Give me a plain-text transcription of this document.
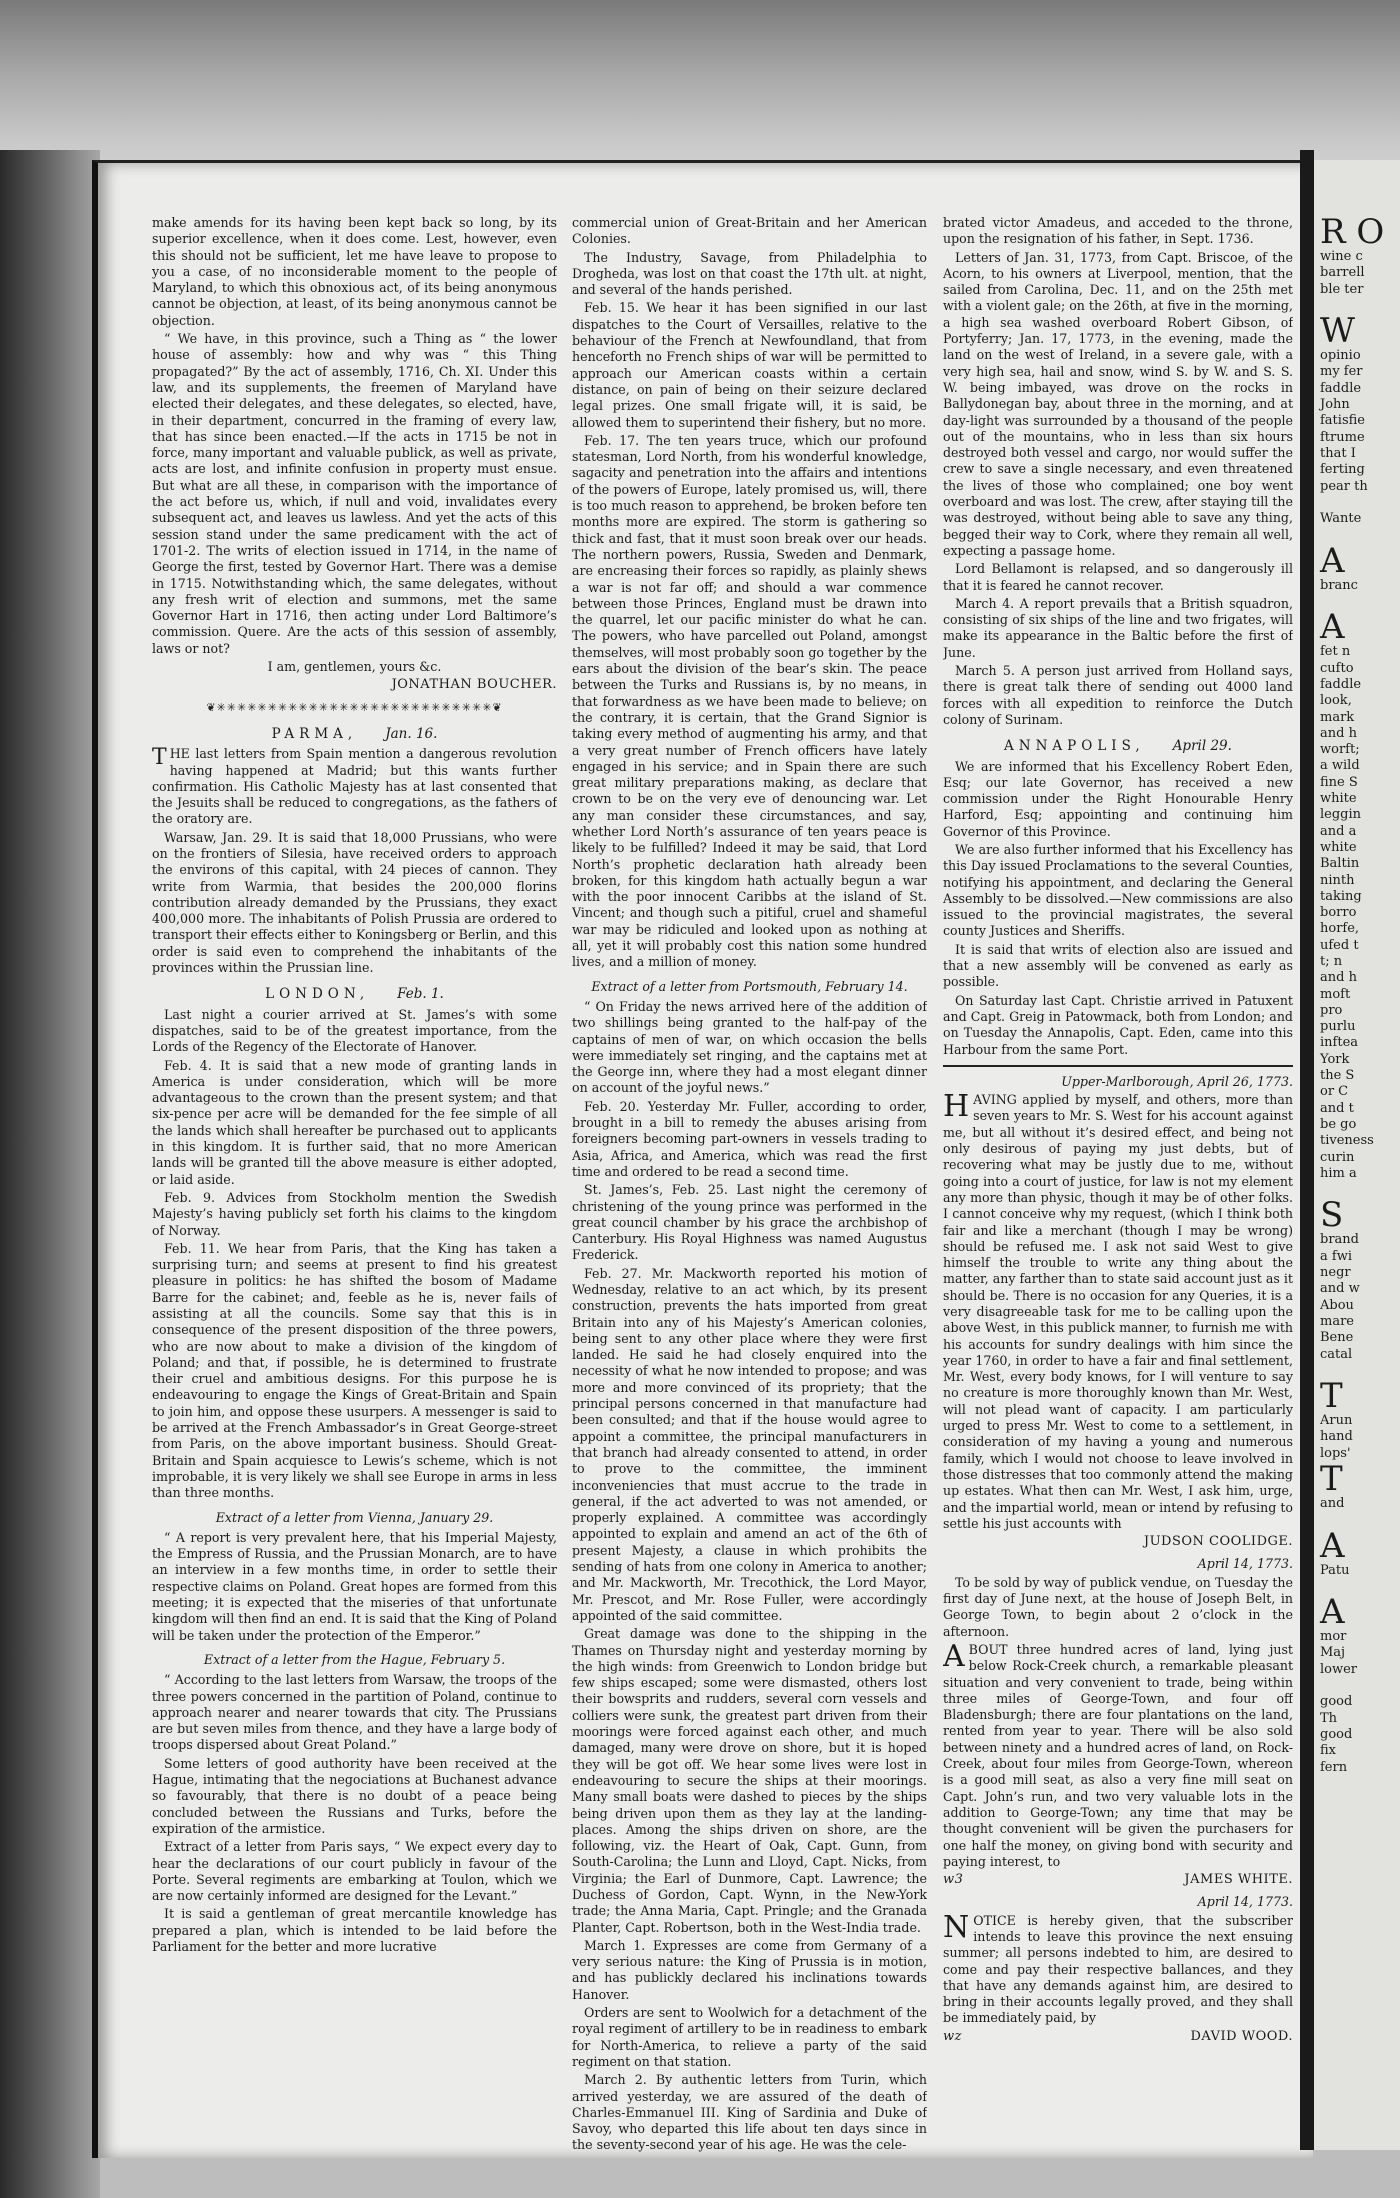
R O
wine c
barrell
ble ter

W
opinio
my fer
faddle
John
fatisfie
ftrume
that I
ferting
pear th

Wante

A
branc

A
fet n
cufto
faddle
look,
mark
and h
worft;
a wild
fine S
white
leggin
and a
white
Baltin
ninth
taking
borro
horfe,
ufed t
t; n
and h
moft
pro
purlu
inftea
York
the S
or C
and t
be go
tiveness
curin
him a

S
brand
a fwi
negr
and w
Abou
mare
Bene
catal

T
Arun
hand
lops'
T
and

A
Patu

A
mor
Maj
lower

good
Th
good
fix
fern

make amends for its having been kept back so long, by its superior excellence, when it does come. Lest, however, even this should not be sufficient, let me have leave to propose to you a case, of no inconsiderable moment to the people of Maryland, to which this obnoxious act, of its being anonymous cannot be objection, at least, of its being anonymous cannot be objection.

“ We have, in this province, such a Thing as “ the lower house of assembly: how and why was “ this Thing propagated?” By the act of assembly, 1716, Ch. XI. Under this law, and its supplements, the freemen of Maryland have elected their delegates, and these delegates, so elected, have, in their department, concurred in the framing of every law, that has since been enacted.—If the acts in 1715 be not in force, many important and valuable publick, as well as private, acts are lost, and infinite confusion in property must ensue. But what are all these, in comparison with the importance of the act before us, which, if null and void, invalidates every subsequent act, and leaves us lawless. And yet the acts of this session stand under the same predicament with the act of 1701-2. The writs of election issued in 1714, in the name of George the first, tested by Governor Hart. There was a demise in 1715. Notwithstanding which, the same delegates, without any fresh writ of election and summons, met the same Governor Hart in 1716, then acting under Lord Baltimore’s commission. Quere. Are the acts of this session of assembly, laws or not?

I am, gentlemen, yours &c.

JONATHAN BOUCHER.
❦✳✳✳✳✳✳✳✳✳✳✳✳✳✳✳✳✳✳✳✳✳✳✳✳✳✳✳❦
PARMA, Jan. 16.

THE last letters from Spain mention a dangerous revolution having happened at Madrid; but this wants further confirmation. His Catholic Majesty has at last consented that the Jesuits shall be reduced to congregations, as the fathers of the oratory are.

Warsaw, Jan. 29. It is said that 18,000 Prussians, who were on the frontiers of Silesia, have received orders to approach the environs of this capital, with 24 pieces of cannon. They write from Warmia, that besides the 200,000 florins contribution already demanded by the Prussians, they exact 400,000 more. The inhabitants of Polish Prussia are ordered to transport their effects either to Koningsberg or Berlin, and this order is said even to comprehend the inhabitants of the provinces within the Prussian line.

LONDON, Feb. 1.

Last night a courier arrived at St. James’s with some dispatches, said to be of the greatest importance, from the Lords of the Regency of the Electorate of Hanover.

Feb. 4. It is said that a new mode of granting lands in America is under consideration, which will be more advantageous to the crown than the present system; and that six-pence per acre will be demanded for the fee simple of all the lands which shall hereafter be purchased out to applicants in this kingdom. It is further said, that no more American lands will be granted till the above measure is either adopted, or laid aside.

Feb. 9. Advices from Stockholm mention the Swedish Majesty’s having publicly set forth his claims to the kingdom of Norway.

Feb. 11. We hear from Paris, that the King has taken a surprising turn; and seems at present to find his greatest pleasure in politics: he has shifted the bosom of Madame Barre for the cabinet; and, feeble as he is, never fails of assisting at all the councils. Some say that this is in consequence of the present disposition of the three powers, who are now about to make a division of the kingdom of Poland; and that, if possible, he is determined to frustrate their cruel and ambitious designs. For this purpose he is endeavouring to engage the Kings of Great-Britain and Spain to join him, and oppose these usurpers. A messenger is said to be arrived at the French Ambassador’s in Great George-street from Paris, on the above important business. Should Great-Britain and Spain acquiesce to Lewis’s scheme, which is not improbable, it is very likely we shall see Europe in arms in less than three months.

Extract of a letter from Vienna, January 29.

“ A report is very prevalent here, that his Imperial Majesty, the Empress of Russia, and the Prussian Monarch, are to have an interview in a few months time, in order to settle their respective claims on Poland. Great hopes are formed from this meeting; it is expected that the miseries of that unfortunate kingdom will then find an end. It is said that the King of Poland will be taken under the protection of the Emperor.”

Extract of a letter from the Hague, February 5.

“ According to the last letters from Warsaw, the troops of the three powers concerned in the partition of Poland, continue to approach nearer and nearer towards that city. The Prussians are but seven miles from thence, and they have a large body of troops dispersed about Great Poland.”

Some letters of good authority have been received at the Hague, intimating that the negociations at Buchanest advance so favourably, that there is no doubt of a peace being concluded between the Russians and Turks, before the expiration of the armistice.

Extract of a letter from Paris says, “ We expect every day to hear the declarations of our court publicly in favour of the Porte. Several regiments are embarking at Toulon, which we are now certainly informed are designed for the Levant.”

It is said a gentleman of great mercantile knowledge has prepared a plan, which is intended to be laid before the Parliament for the better and more lucrative

commercial union of Great-Britain and her American Colonies.

The Industry, Savage, from Philadelphia to Drogheda, was lost on that coast the 17th ult. at night, and several of the hands perished.

Feb. 15. We hear it has been signified in our last dispatches to the Court of Versailles, relative to the behaviour of the French at Newfoundland, that from henceforth no French ships of war will be permitted to approach our American coasts within a certain distance, on pain of being on their seizure declared legal prizes. One small frigate will, it is said, be allowed them to superintend their fishery, but no more.

Feb. 17. The ten years truce, which our profound statesman, Lord North, from his wonderful knowledge, sagacity and penetration into the affairs and intentions of the powers of Europe, lately promised us, will, there is too much reason to apprehend, be broken before ten months more are expired. The storm is gathering so thick and fast, that it must soon break over our heads. The northern powers, Russia, Sweden and Denmark, are encreasing their forces so rapidly, as plainly shews a war is not far off; and should a war commence between those Princes, England must be drawn into the quarrel, let our pacific minister do what he can. The powers, who have parcelled out Poland, amongst themselves, will most probably soon go together by the ears about the division of the bear’s skin. The peace between the Turks and Russians is, by no means, in that forwardness as we have been made to believe; on the contrary, it is certain, that the Grand Signior is taking every method of augmenting his army, and that a very great number of French officers have lately engaged in his service; and in Spain there are such great military preparations making, as declare that crown to be on the very eve of denouncing war. Let any man consider these circumstances, and say, whether Lord North’s assurance of ten years peace is likely to be fulfilled? Indeed it may be said, that Lord North’s prophetic declaration hath already been broken, for this kingdom hath actually begun a war with the poor innocent Caribbs at the island of St. Vincent; and though such a pitiful, cruel and shameful war may be ridiculed and looked upon as nothing at all, yet it will probably cost this nation some hundred lives, and a million of money.

Extract of a letter from Portsmouth, February 14.

“ On Friday the news arrived here of the addition of two shillings being granted to the half-pay of the captains of men of war, on which occasion the bells were immediately set ringing, and the captains met at the George inn, where they had a most elegant dinner on account of the joyful news.”

Feb. 20. Yesterday Mr. Fuller, according to order, brought in a bill to remedy the abuses arising from foreigners becoming part-owners in vessels trading to Asia, Africa, and America, which was read the first time and ordered to be read a second time.

St. James’s, Feb. 25. Last night the ceremony of christening of the young prince was performed in the great council chamber by his grace the archbishop of Canterbury. His Royal Highness was named Augustus Frederick.

Feb. 27. Mr. Mackworth reported his motion of Wednesday, relative to an act which, by its present construction, prevents the hats imported from great Britain into any of his Majesty’s American colonies, being sent to any other place where they were first landed. He said he had closely enquired into the necessity of what he now intended to propose; and was more and more convinced of its propriety; that the principal persons concerned in that manufacture had been consulted; and that if the house would agree to appoint a committee, the principal manufacturers in that branch had already consented to attend, in order to prove to the committee, the imminent inconveniencies that must accrue to the trade in general, if the act adverted to was not amended, or properly explained. A committee was accordingly appointed to explain and amend an act of the 6th of present Majesty, a clause in which prohibits the sending of hats from one colony in America to another; and Mr. Mackworth, Mr. Trecothick, the Lord Mayor, Mr. Prescot, and Mr. Rose Fuller, were accordingly appointed of the said committee.

Great damage was done to the shipping in the Thames on Thursday night and yesterday morning by the high winds: from Greenwich to London bridge but few ships escaped; some were dismasted, others lost their bowsprits and rudders, several corn vessels and colliers were sunk, the greatest part driven from their moorings were forced against each other, and much damaged, many were drove on shore, but it is hoped they will be got off. We hear some lives were lost in endeavouring to secure the ships at their moorings. Many small boats were dashed to pieces by the ships being driven upon them as they lay at the landing-places. Among the ships driven on shore, are the following, viz. the Heart of Oak, Capt. Gunn, from South-Carolina; the Lunn and Lloyd, Capt. Nicks, from Virginia; the Earl of Dunmore, Capt. Lawrence; the Duchess of Gordon, Capt. Wynn, in the New-York trade; the Anna Maria, Capt. Pringle; and the Granada Planter, Capt. Robertson, both in the West-India trade.

March 1. Expresses are come from Germany of a very serious nature: the King of Prussia is in motion, and has publickly declared his inclinations towards Hanover.

Orders are sent to Woolwich for a detachment of the royal regiment of artillery to be in readiness to embark for North-America, to relieve a party of the said regiment on that station.

March 2. By authentic letters from Turin, which arrived yesterday, we are assured of the death of Charles-Emmanuel III. King of Sardinia and Duke of Savoy, who departed this life about ten days since in the seventy-second year of his age. He was the cele-

brated victor Amadeus, and acceded to the throne, upon the resignation of his father, in Sept. 1736.

Letters of Jan. 31, 1773, from Capt. Briscoe, of the Acorn, to his owners at Liverpool, mention, that the sailed from Carolina, Dec. 11, and on the 25th met with a violent gale; on the 26th, at five in the morning, a high sea washed overboard Robert Gibson, of Portyferry; Jan. 17, 1773, in the evening, made the land on the west of Ireland, in a severe gale, with a very high sea, hail and snow, wind S. by W. and S. S. W. being imbayed, was drove on the rocks in Ballydonegan bay, about three in the morning, and at day-light was surrounded by a thousand of the people out of the mountains, who in less than six hours destroyed both vessel and cargo, nor would suffer the crew to save a single necessary, and even threatened the lives of those who complained; one boy went overboard and was lost. The crew, after staying till the was destroyed, without being able to save any thing, begged their way to Cork, where they remain all well, expecting a passage home.

Lord Bellamont is relapsed, and so dangerously ill that it is feared he cannot recover.

March 4. A report prevails that a British squadron, consisting of six ships of the line and two frigates, will make its appearance in the Baltic before the first of June.

March 5. A person just arrived from Holland says, there is great talk there of sending out 4000 land forces with all expedition to reinforce the Dutch colony of Surinam.

ANNAPOLIS, April 29.

We are informed that his Excellency Robert Eden, Esq; our late Governor, has received a new commission under the Right Honourable Henry Harford, Esq; appointing and continuing him Governor of this Province.

We are also further informed that his Excellency has this Day issued Proclamations to the several Counties, notifying his appointment, and declaring the General Assembly to be dissolved.—New commissions are also issued to the provincial magistrates, the several county Justices and Sheriffs.

It is said that writs of election also are issued and that a new assembly will be convened as early as possible.

On Saturday last Capt. Christie arrived in Patuxent and Capt. Greig in Patowmack, both from London; and on Tuesday the Annapolis, Capt. Eden, came into this Harbour from the same Port.

Upper-Marlborough, April 26, 1773.

HAVING applied by myself, and others, more than seven years to Mr. S. West for his account against me, but all without it’s desired effect, and being not only desirous of paying my just debts, but of recovering what may be justly due to me, without going into a court of justice, for law is not my element any more than physic, though it may be of other folks. I cannot conceive why my request, (which I think both fair and like a merchant (though I may be wrong) should be refused me. I ask not said West to give himself the trouble to write any thing about the matter, any farther than to state said account just as it should be. There is no occasion for any Queries, it is a very disagreeable task for me to be calling upon the above West, in this publick manner, to furnish me with his accounts for sundry dealings with him since the year 1760, in order to have a fair and final settlement, Mr. West, every body knows, for I will venture to say no creature is more thoroughly known than Mr. West, will not plead want of capacity. I am particularly urged to press Mr. West to come to a settlement, in consideration of my having a young and numerous family, which I would not choose to leave involved in those distresses that too commonly attend the making up estates. What then can Mr. West, I ask him, urge, and the impartial world, mean or intend by refusing to settle his just accounts with

JUDSON COOLIDGE.
April 14, 1773.

To be sold by way of publick vendue, on Tuesday the first day of June next, at the house of Joseph Belt, in George Town, to begin about 2 o’clock in the afternoon.

ABOUT three hundred acres of land, lying just below Rock-Creek church, a remarkable pleasant situation and very convenient to trade, being within three miles of George-Town, and four off Bladensburgh; there are four plantations on the land, rented from year to year. There will be also sold between ninety and a hundred acres of land, on Rock-Creek, about four miles from George-Town, whereon is a good mill seat, as also a very fine mill seat on Capt. John’s run, and two very valuable lots in the addition to George-Town; any time that may be thought convenient will be given the purchasers for one half the money, on giving bond with security and paying interest, to

w3	JAMES WHITE.
April 14, 1773.

NOTICE is hereby given, that the subscriber intends to leave this province the next ensuing summer; all persons indebted to him, are desired to come and pay their respective ballances, and they that have any demands against him, are desired to bring in their accounts legally proved, and they shall be immediately paid, by

wz	DAVID WOOD.
